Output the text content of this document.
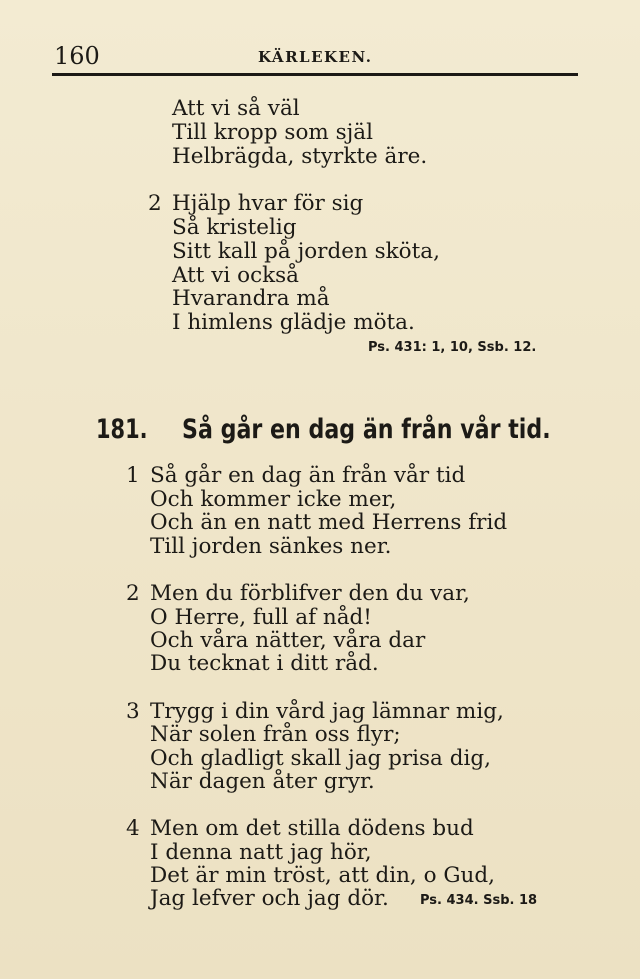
160	KÄRLEKEN.
Att vi så väl
Till kropp som själ
Helbrägda, styrkte äre.
2 Hjälp hvar för sig
Så kristelig
Sitt kall på jorden sköta,
Att vi också
Hvarandra må
I himlens glädje möta.
Ps. 431: 1, 10, Ssb. 12.
181. Så går en dag än från vår tid.
1 Så går en dag än från vår tid
Och kommer icke mer,
Och än en natt med Herrens frid
Till jorden sänkes ner.
2 Men du förblifver den du var,
O Herre, full af nåd!
Och våra nätter, våra dar
Du tecknat i ditt råd.
3 Trygg i din vård jag lämnar mig,
När solen från oss flyr;
Och gladligt skall jag prisa dig,
När dagen åter gryr.
4 Men om det stilla dödens bud
I denna natt jag hör,
Det är min tröst, att din, o Gud,
Jag lefver och jag dör. Ps. 434. Ssb. 18
